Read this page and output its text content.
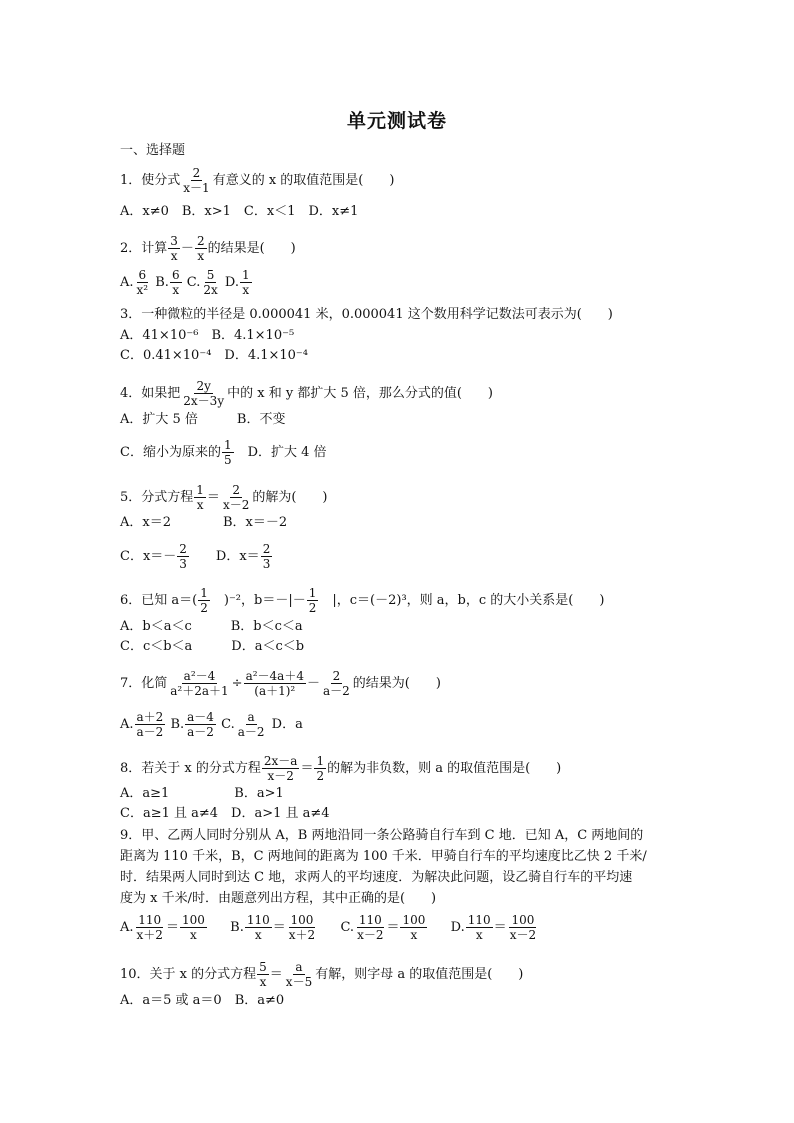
单元测试卷
一、选择题
1．使分式 $\frac{2}{x-1}$ 有意义的 x 的取值范围是(　　)
A．x≠0　B．x>1　C．x＜1　D．x≠1
2．计算 $\frac{3}{x} - \frac{2}{x}$ 的结果是(　　)
A. $\frac{6}{\text{x²}} B$. $\frac{6}{x} C$. $\frac{5}{2x} D$. $\frac{1}{x}$
3．一种微粒的半径是 0.000041 米，0.000041 这个数用科学记数法可表示为(　　)
A．41×10⁻⁶　B．4.1×10⁻⁵
C．0.41×10⁻⁴　D．4.1×10⁻⁴
4．如果把 $\frac{2y}{2x-3y}$ 中的 x 和 y 都扩大 5 倍，那么分式的值(　　)
A．扩大 5 倍　　　B．不变
C．缩小为原来的 $\frac{1}{5}$ 　D．扩大 4 倍
5．分式方程 $\frac{1}{x} = \frac{2}{x-2}$ 的解为(　　)
A．x＝2　　　　B．x＝－2
C．$x=- \frac{2}{3}$ 　　D．$x= \frac{2}{3}$
6．已知 $a=( \frac{1}{2}$ 　)⁻²，$b=-|- \frac{1}{2}$ 　|，c＝(－2)³，则 a，b，c 的大小关系是(　　)
A．b＜a＜c　　　B．b＜c＜a
C．c＜b＜a　　　D．a＜c＜b
7．化简 $\frac{\text{a²－4}}{\text{a²＋2a＋1}} \div \frac{\text{a²－4a＋4}}{\text{(a＋1)²}} - \frac{2}{a-2}$ 的结果为(　　)
A. $\frac{a+2}{a-2} B$. $\frac{a-4}{a-2} C$. $\frac{a}{a-2}$ D．a
8．若关于 x 的分式方程 $\frac{2x-a}{x-2} = \frac{1}{2}$ 的解为非负数，则 a 的取值范围是(　　)
A．a≥1　　　　　B．a>1
C．a≥1 且 a≠4　D．a>1 且 a≠4
9．甲、乙两人同时分别从 A，B 两地沿同一条公路骑自行车到 C 地．已知 A，C 两地间的
距离为 110 千米，B，C 两地间的距离为 100 千米．甲骑自行车的平均速度比乙快 2 千米/
时．结果两人同时到达 C 地，求两人的平均速度．为解决此问题，设乙骑自行车的平均速
度为 x 千米/时．由题意列出方程，其中正确的是(　　)
A. $\frac{110}{x+2} = \frac{100}{x} B$. $\frac{110}{x} = \frac{100}{x+2} C$. $\frac{110}{x-2} = \frac{100}{x} D$. $\frac{110}{x} = \frac{100}{x-2}$
10．关于 x 的分式方程 $\frac{5}{x} = \frac{a}{x-5}$ 有解，则字母 a 的取值范围是(　　)
A．a＝5 或 a＝0　B．a≠0
